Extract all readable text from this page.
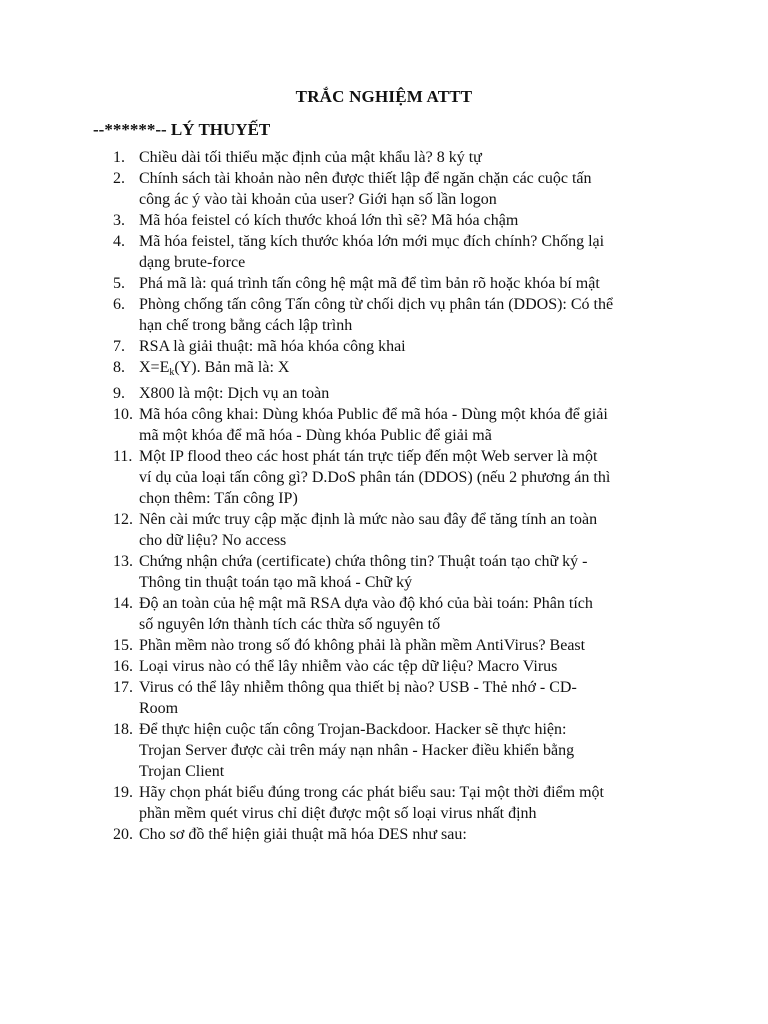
TRẮC NGHIỆM ATTT
--******-- LÝ THUYẾT
1. Chiều dài tối thiểu mặc định của mật khẩu là? 8 ký tự
2. Chính sách tài khoản nào nên được thiết lập để ngăn chặn các cuộc tấn
công ác ý vào tài khoản của user? Giới hạn số lần logon
3. Mã hóa feistel có kích thước khoá lớn thì sẽ? Mã hóa chậm
4. Mã hóa feistel, tăng kích thước khóa lớn mới mục đích chính? Chống lại
dạng brute-force
5. Phá mã là: quá trình tấn công hệ mật mã để tìm bản rõ hoặc khóa bí mật
6. Phòng chống tấn công Tấn công từ chối dịch vụ phân tán (DDOS): Có thể
hạn chế trong bằng cách lập trình
7. RSA là giải thuật: mã hóa khóa công khai
8. $X=E_k(Y)$. Bản mã là: X
9. X800 là một: Dịch vụ an toàn
10. Mã hóa công khai: Dùng khóa Public để mã hóa - Dùng một khóa để giải
mã một khóa để mã hóa - Dùng khóa Public để giải mã
11. Một IP flood theo các host phát tán trực tiếp đến một Web server là một
ví dụ của loại tấn công gì? D.DoS phân tán (DDOS) (nếu 2 phương án thì
chọn thêm: Tấn công IP)
12. Nên cài mức truy cập mặc định là mức nào sau đây để tăng tính an toàn
cho dữ liệu? No access
13. Chứng nhận chứa (certificate) chứa thông tin? Thuật toán tạo chữ ký -
Thông tin thuật toán tạo mã khoá - Chữ ký
14. Độ an toàn của hệ mật mã RSA dựa vào độ khó của bài toán: Phân tích
số nguyên lớn thành tích các thừa số nguyên tố
15. Phần mềm nào trong số đó không phải là phần mềm AntiVirus? Beast
16. Loại virus nào có thể lây nhiễm vào các tệp dữ liệu? Macro Virus
17. Virus có thể lây nhiễm thông qua thiết bị nào? USB - Thẻ nhớ - CD-
Room
18. Để thực hiện cuộc tấn công Trojan-Backdoor. Hacker sẽ thực hiện:
Trojan Server được cài trên máy nạn nhân - Hacker điều khiển bằng
Trojan Client
19. Hãy chọn phát biểu đúng trong các phát biểu sau: Tại một thời điểm một
phần mềm quét virus chỉ diệt được một số loại virus nhất định
20. Cho sơ đồ thể hiện giải thuật mã hóa DES như sau:
